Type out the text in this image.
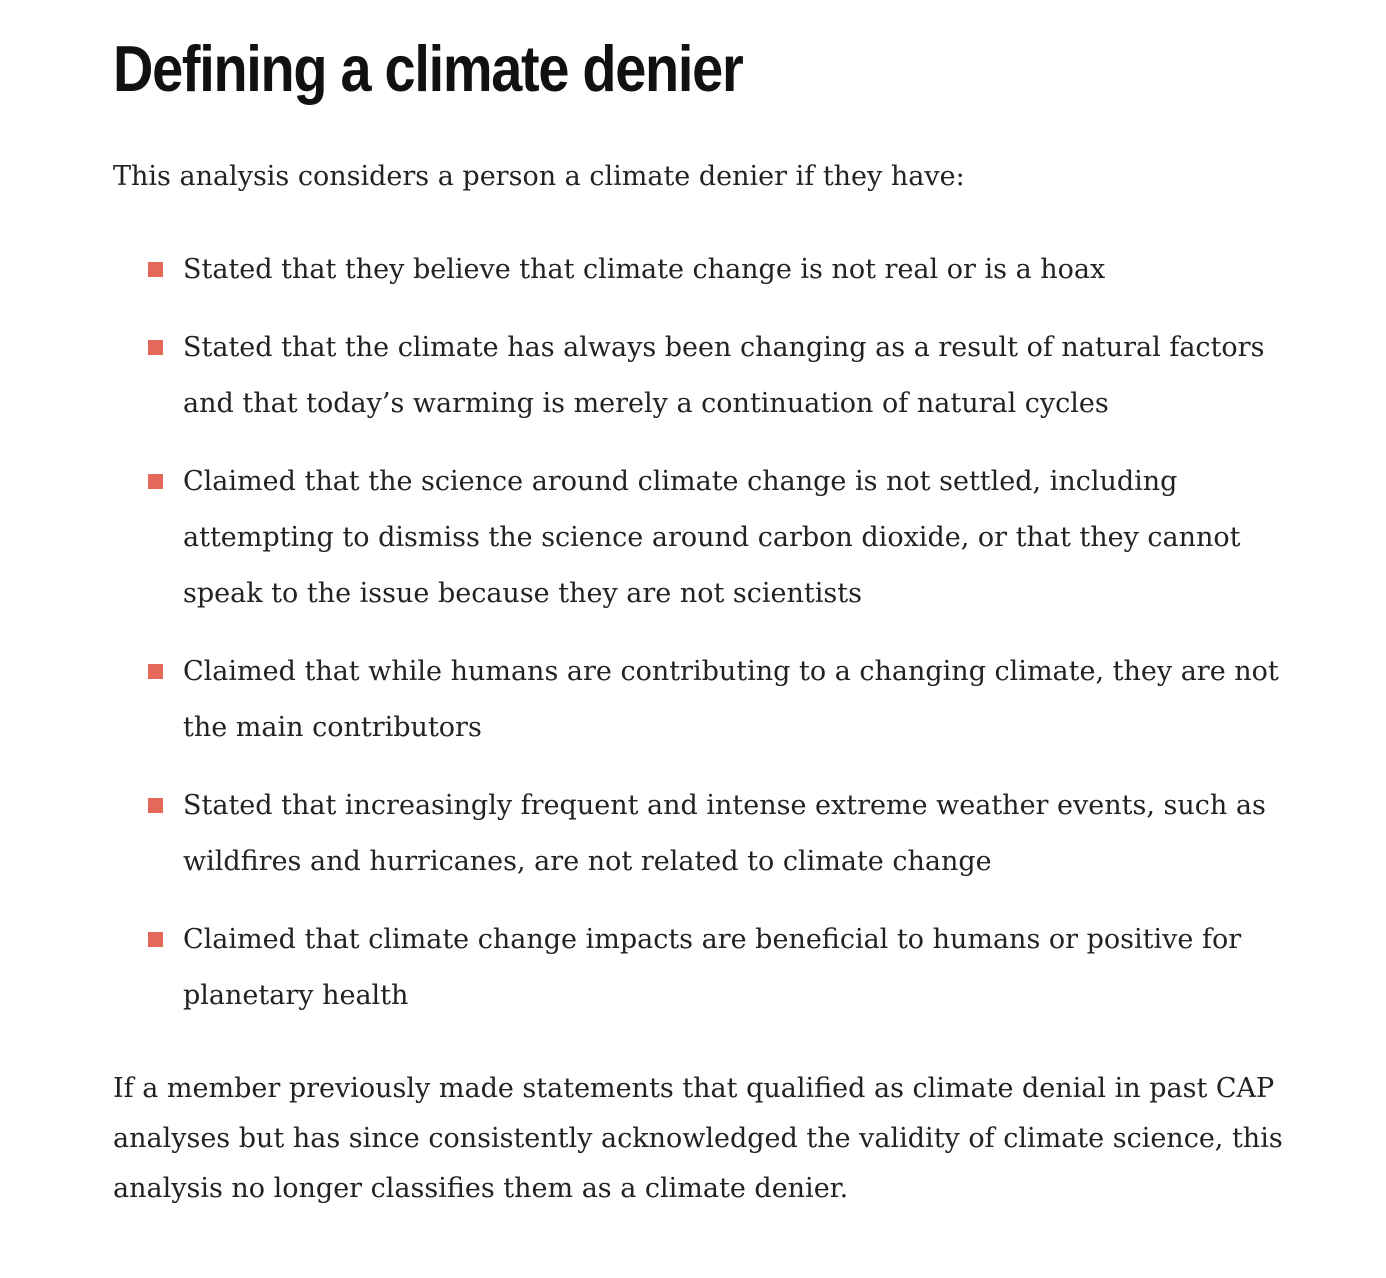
Defining a climate denier

This analysis considers a person a climate denier if they have:

Stated that they believe that climate change is not real or is a hoax
Stated that the climate has always been changing as a result of natural factors and that today’s warming is merely a continuation of natural cycles
Claimed that the science around climate change is not settled, including attempting to dismiss the science around carbon dioxide, or that they cannot speak to the issue because they are not scientists
Claimed that while humans are contributing to a changing climate, they are not the main contributors
Stated that increasingly frequent and intense extreme weather events, such as wildfires and hurricanes, are not related to climate change
Claimed that climate change impacts are beneficial to humans or positive for planetary health

If a member previously made statements that qualified as climate denial in past CAP analyses but has since consistently acknowledged the validity of climate science, this analysis no longer classifies them as a climate denier.
